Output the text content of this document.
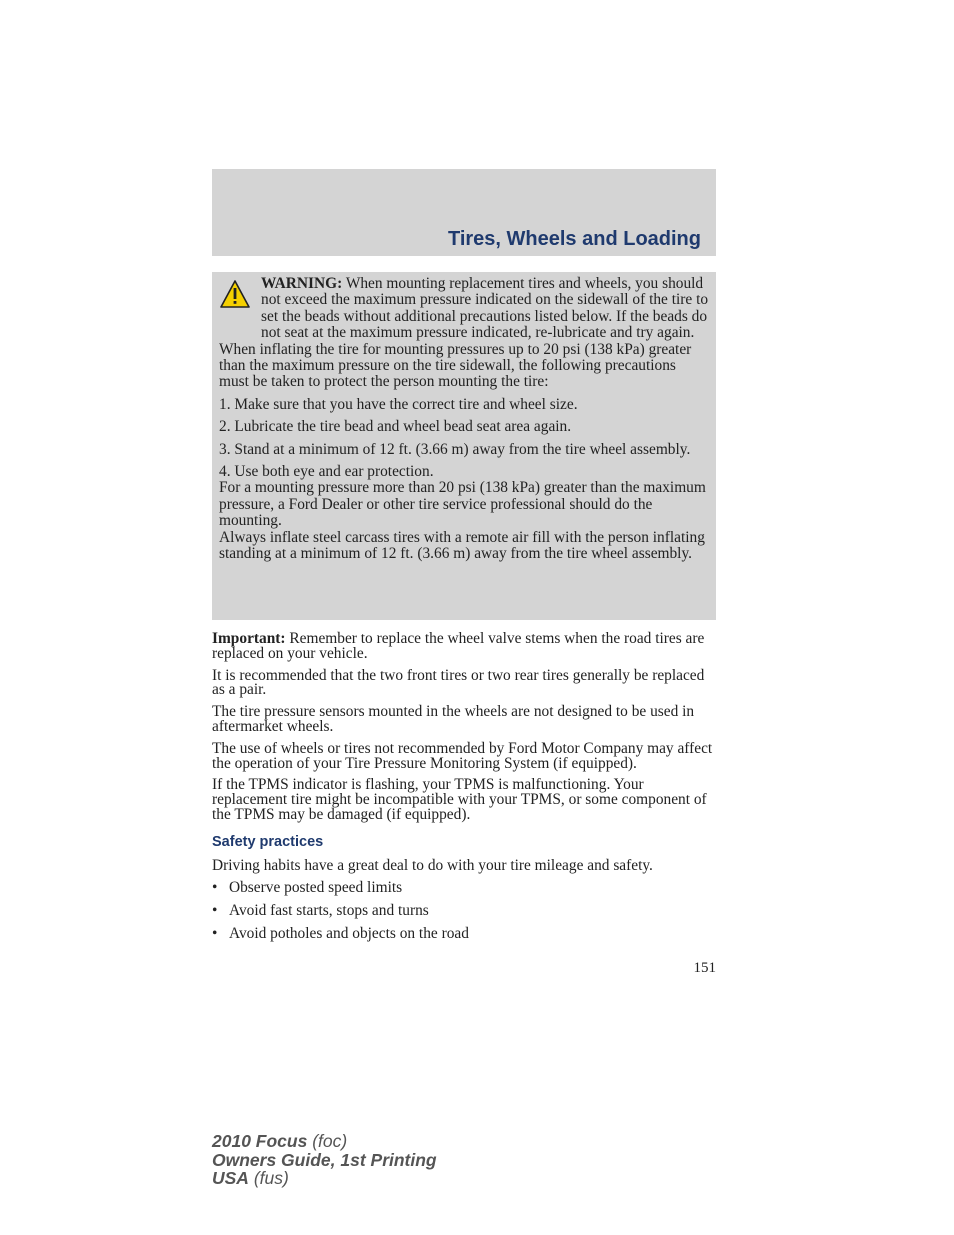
Tires, Wheels and Loading

WARNING: When mounting replacement tires and wheels, you should not exceed the maximum pressure indicated on the sidewall of the tire to set the beads without additional precautions listed below. If the beads do not seat at the maximum pressure indicated, re-lubricate and try again.

When inflating the tire for mounting pressures up to 20 psi (138 kPa) greater than the maximum pressure on the tire sidewall, the following precautions must be taken to protect the person mounting the tire:

1. Make sure that you have the correct tire and wheel size.

2. Lubricate the tire bead and wheel bead seat area again.

3. Stand at a minimum of 12 ft. (3.66 m) away from the tire wheel assembly.

4. Use both eye and ear protection.

For a mounting pressure more than 20 psi (138 kPa) greater than the maximum pressure, a Ford Dealer or other tire service professional should do the mounting.

Always inflate steel carcass tires with a remote air fill with the person inflating standing at a minimum of 12 ft. (3.66 m) away from the tire wheel assembly.

Important: Remember to replace the wheel valve stems when the road tires are replaced on your vehicle.

It is recommended that the two front tires or two rear tires generally be replaced as a pair.

The tire pressure sensors mounted in the wheels are not designed to be used in aftermarket wheels.

The use of wheels or tires not recommended by Ford Motor Company may affect the operation of your Tire Pressure Monitoring System (if equipped).

If the TPMS indicator is flashing, your TPMS is malfunctioning. Your replacement tire might be incompatible with your TPMS, or some component of the TPMS may be damaged (if equipped).

Safety practices

Driving habits have a great deal to do with your tire mileage and safety.

• Observe posted speed limits
• Avoid fast starts, stops and turns
• Avoid potholes and objects on the road
151
2010 Focus (foc)
Owners Guide, 1st Printing
USA (fus)
